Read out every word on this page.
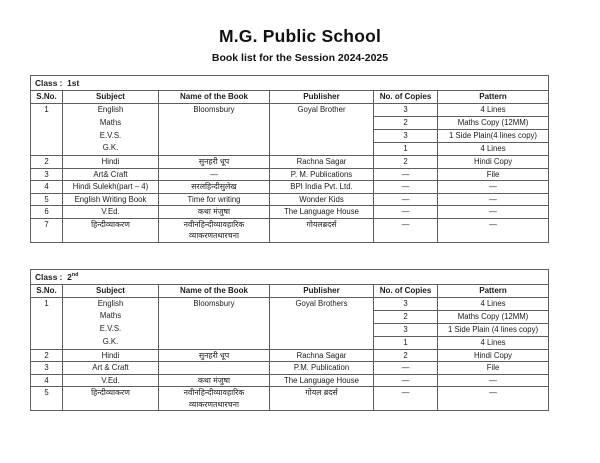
M.G. Public School
Book list for the Session 2024-2025
Class :  1st					
S.No.	Subject	Name of the Book	Publisher	No. of Copies	Pattern
1	English
Maths
E.V.S.
G.K.	Bloomsbury	Goyal Brother	3	4 Lines
				2	Maths Copy (12MM)
				3	1 Side Plain(4 lines copy)
				1	4 Lines
2	Hindi	सुनहरी धूप	Rachna Sagar	2	Hindi Copy
3	Art& Craft	—	P. M. Publications	—	File
4	Hindi Sulekh(part – 4)	सरलहिन्दीसुलेख	BPI India Pvt. Ltd.	—	—
5	English Writing Book	Time for writing	Wonder Kids	—	—
6	V.Ed.	कथा मंजुषा	The Language House	—	—
7	हिन्दीव्याकरण	नवीनहिन्दीव्यावहारिक
व्याकरणतथारचना	गोयलब्रदर्स	—	—
Class :  2nd
S.No.	Subject	Name of the Book	Publisher	No. of Copies	Pattern
1	English
Maths
E.V.S.
G.K.	Bloomsbury	Goyal Brothers	3	4 Lines
				2	Maths Copy (12MM)
				3	1 Side Plain (4 lines copy)
				1	4 Lines
2	Hindi	सुनहरी धूप	Rachna Sagar	2	Hindi Copy
3	Art & Craft		P.M. Publication	—	File
4	V.Ed.	कथा मंजुषा	The Language House	—	—
5	हिन्दीव्याकरण	नवीनहिन्दीव्यावहारिक
व्याकरणतथारचना	गोयल ब्रदर्स	—	—
